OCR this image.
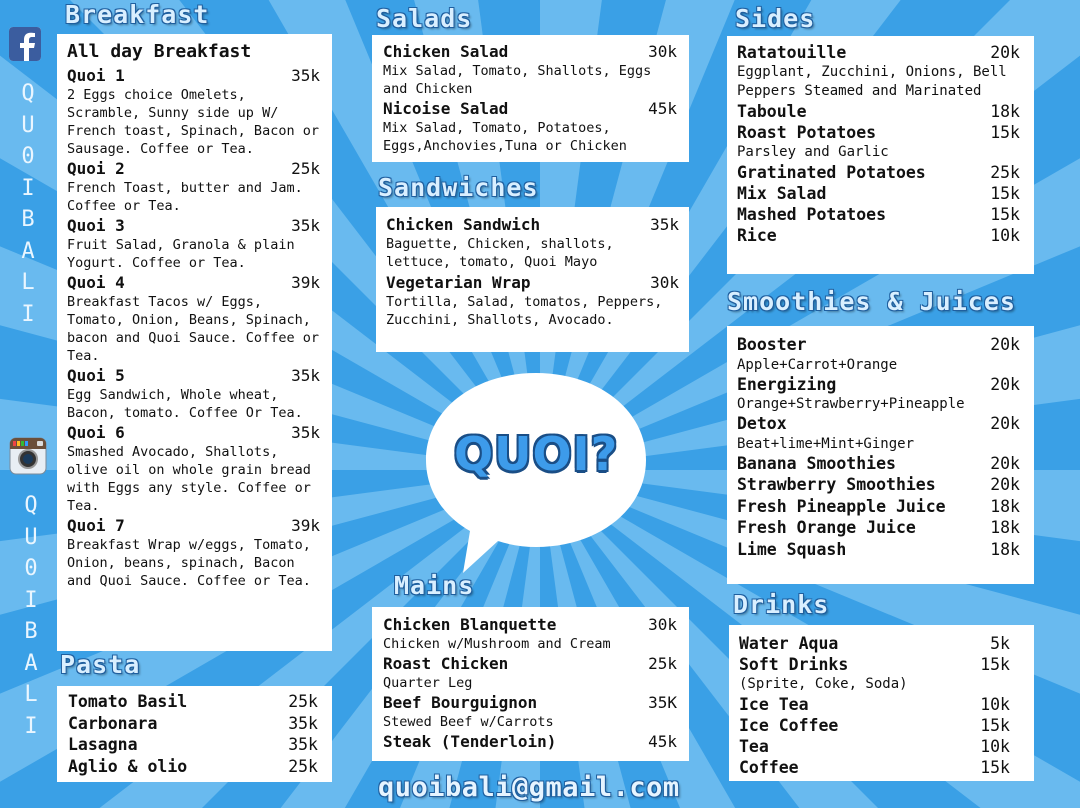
Q
U
0
I
B
A
L
I
Q
U
0
I
B
A
L
I
Breakfast
All day Breakfast
Quoi 1	35k
2 Eggs choice Omelets, Scramble, Sunny side up W/ French toast, Spinach, Bacon or Sausage. Coffee or Tea.
Quoi 2	25k
French Toast, butter and Jam. Coffee or Tea.
Quoi 3	35k
Fruit Salad, Granola & plain Yogurt. Coffee or Tea.
Quoi 4	39k
Breakfast Tacos w/ Eggs, Tomato, Onion, Beans, Spinach, bacon and Quoi Sauce. Coffee or Tea.
Quoi 5	35k
Egg Sandwich, Whole wheat, Bacon, tomato. Coffee Or Tea.
Quoi 6	35k
Smashed Avocado, Shallots, olive oil on whole grain bread with Eggs any style. Coffee or Tea.
Quoi 7	39k
Breakfast Wrap w/eggs, Tomato, Onion, beans, spinach, Bacon and Quoi Sauce. Coffee or Tea.
Pasta
Tomato Basil	25k
Carbonara	35k
Lasagna	35k
Aglio & olio	25k
Salads
Chicken Salad	30k
Mix Salad, Tomato, Shallots, Eggs and Chicken
Nicoise Salad	45k
Mix Salad, Tomato, Potatoes, Eggs,Anchovies,Tuna or Chicken
Sandwiches
Chicken Sandwich	35k
Baguette, Chicken, shallots, lettuce, tomato, Quoi Mayo
Vegetarian Wrap	30k
Tortilla, Salad, tomatos, Peppers, Zucchini, Shallots, Avocado.
QUOI?
Mains
Chicken Blanquette	30k
Chicken w/Mushroom and Cream
Roast Chicken	25k
Quarter Leg
Beef Bourguignon	35K
Stewed Beef w/Carrots
Steak (Tenderloin)	45k
quoibali@gmail.com
Sides
Ratatouille	20k
Eggplant, Zucchini, Onions, Bell Peppers Steamed and Marinated
Taboule	18k
Roast Potatoes	15k
Parsley and Garlic
Gratinated Potatoes	25k
Mix Salad	15k
Mashed Potatoes	15k
Rice	10k
Smoothies & Juices
Booster	20k
Apple+Carrot+Orange
Energizing	20k
Orange+Strawberry+Pineapple
Detox	20k
Beat+lime+Mint+Ginger
Banana Smoothies	20k
Strawberry Smoothies	20k
Fresh Pineapple Juice	18k
Fresh Orange Juice	18k
Lime Squash	18k
Drinks
Water Aqua	5k
Soft Drinks	15k
(Sprite, Coke, Soda)
Ice Tea	10k
Ice Coffee	15k
Tea	10k
Coffee	15k
